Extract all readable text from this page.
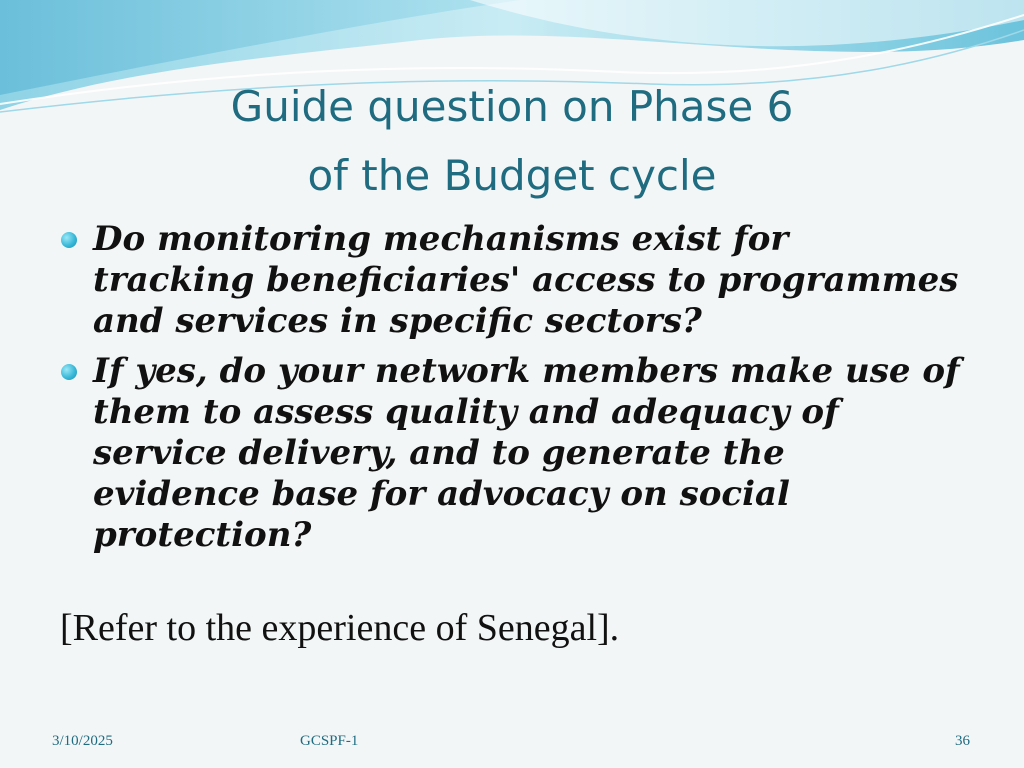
Guide question on Phase 6
of the Budget cycle
Do monitoring mechanisms exist for tracking beneficiaries' access to programmes and services in specific sectors?
If yes, do your network members make use of them to assess quality and adequacy of service delivery, and to generate the evidence base for advocacy on social protection?

[Refer to the experience of Senegal].

3/10/2025	GCSPF-1	36
